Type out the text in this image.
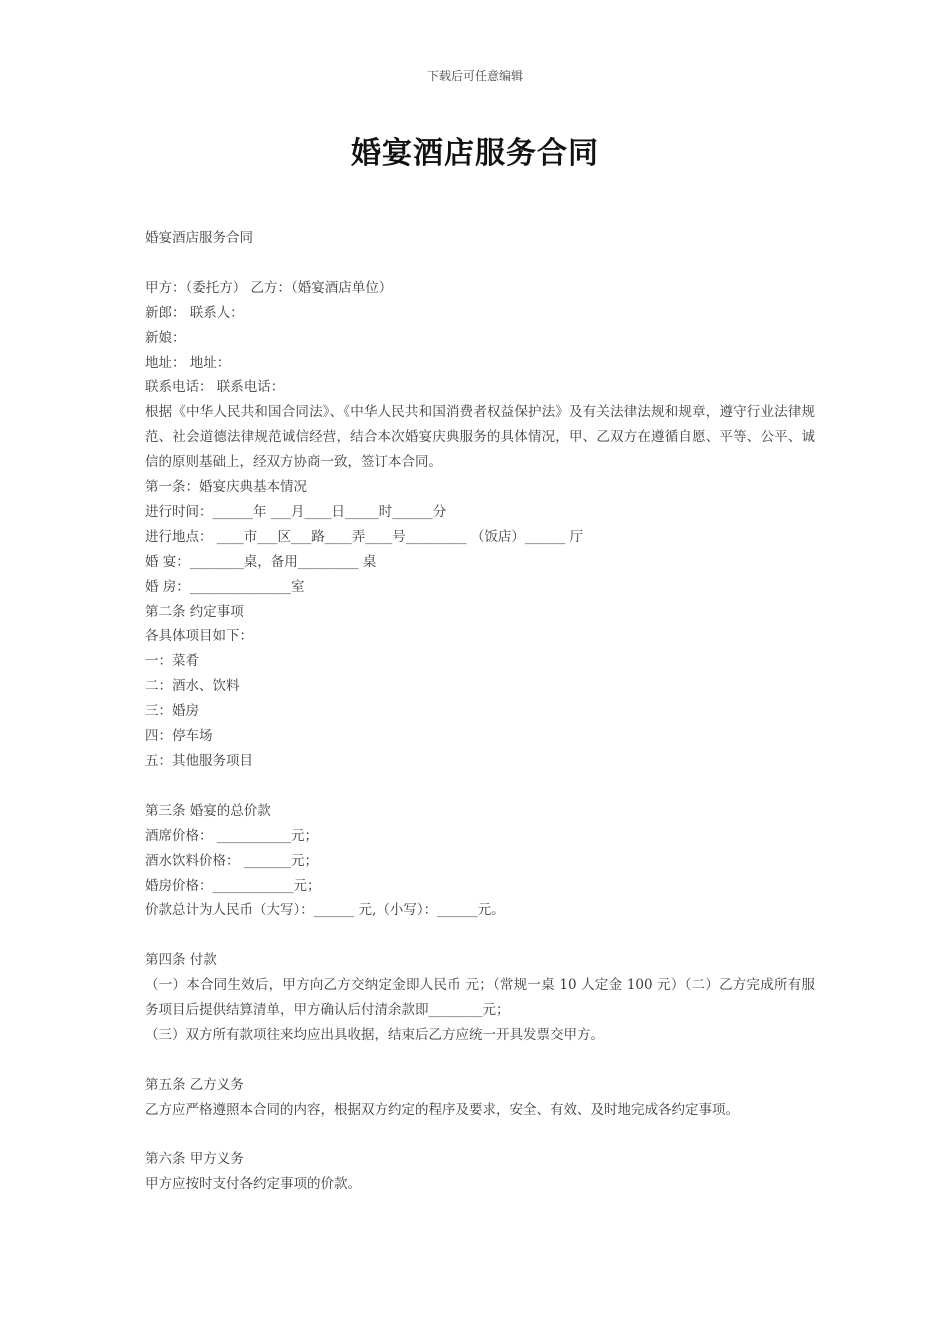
下载后可任意编辑
婚宴酒店服务合同
婚宴酒店服务合同
甲方：（委托方） 乙方：（婚宴酒店单位）
新郎： 联系人：
新娘：
地址： 地址：
联系电话： 联系电话：
根据《中华人民共和国合同法》、《中华人民共和国消费者权益保护法》及有关法律法规和规章，遵守行业法律规范、社会道德法律规范诚信经营，结合本次婚宴庆典服务的具体情况，甲、乙双方在遵循自愿、平等、公平、诚信的原则基础上，经双方协商一致，签订本合同。
第一条：婚宴庆典基本情况
进行时间：______年 ___月____日_____时______分
进行地点： ____市___区___路____弄____号_________ （饭店）______ 厅
婚 宴：________桌，备用_________ 桌
婚 房：_______________室
第二条 约定事项
各具体项目如下：
一：菜肴
二：酒水、饮料
三：婚房
四：停车场
五：其他服务项目
第三条 婚宴的总价款
酒席价格： ___________元；
酒水饮料价格： _______元；
婚房价格：____________元；
价款总计为人民币（大写）：______ 元,（小写）：______元。
第四条 付款
（一）本合同生效后，甲方向乙方交纳定金即人民币 元；（常规一桌 10 人定金 100 元）（二）乙方完成所有服务项目后提供结算清单，甲方确认后付清余款即________元；
（三）双方所有款项往来均应出具收据，结束后乙方应统一开具发票交甲方。
第五条 乙方义务
乙方应严格遵照本合同的内容，根据双方约定的程序及要求，安全、有效、及时地完成各约定事项。
第六条 甲方义务
甲方应按时支付各约定事项的价款。
